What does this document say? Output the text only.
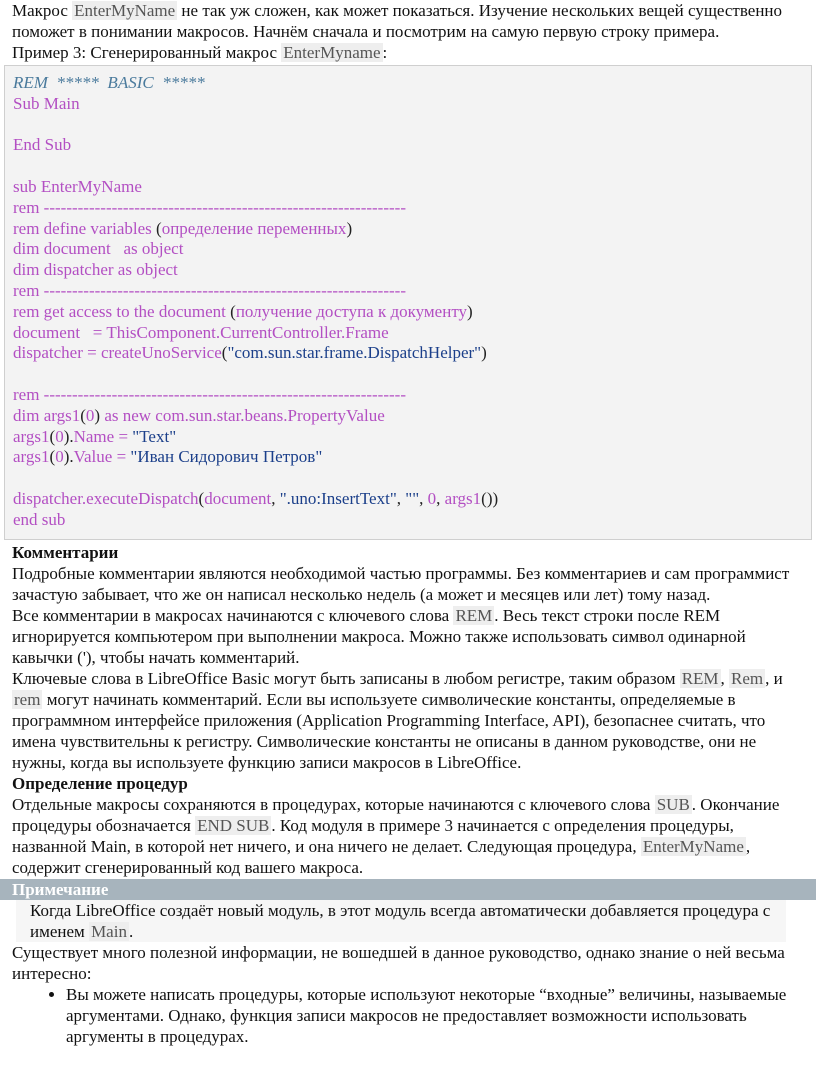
Макрос EnterMyName не так уж сложен, как может показаться. Изучение нескольких вещей существенно поможет в понимании макросов. Начнём сначала и посмотрим на самую первую строку примера.

Пример 3: Сгенерированный макрос EnterMyname :

REM  *****  BASIC  *****
Sub Main
End Sub
sub EnterMyName
rem ----------------------------------------------------------------
rem define variables (определение переменных)
dim document   as object
dim dispatcher as object
rem ----------------------------------------------------------------
rem get access to the document (получение доступа к документу)
document   = ThisComponent.CurrentController.Frame
dispatcher = createUnoService("com.sun.star.frame.DispatchHelper")
rem ----------------------------------------------------------------
dim args1(0) as new com.sun.star.beans.PropertyValue
args1(0).Name = "Text"
args1(0).Value = "Иван Сидорович Петров"
dispatcher.executeDispatch(document, ".uno:InsertText", "", 0, args1())
end sub

Комментарии

Подробные комментарии являются необходимой частью программы. Без комментариев и сам программист зачастую забывает, что же он написал несколько недель (а может и месяцев или лет) тому назад.

Все комментарии в макросах начинаются с ключевого слова REM . Весь текст строки после REM игнорируется компьютером при выполнении макроса. Можно также использовать символ одинарной кавычки ('), чтобы начать комментарий.

Ключевые слова в LibreOffice Basic могут быть записаны в любом регистре, таким образом REM , Rem , и rem могут начинать комментарий. Если вы используете символические константы, определяемые в программном интерфейсе приложения (Application Programming Interface, API), безопаснее считать, что имена чувствительны к регистру. Символические константы не описаны в данном руководстве, они не нужны, когда вы используете функцию записи макросов в LibreOffice.

Определение процедур

Отдельные макросы сохраняются в процедурах, которые начинаются с ключевого слова SUB . Окончание процедуры обозначается END SUB . Код модуля в примере 3 начинается с определения процедуры, названной Main, в которой нет ничего, и она ничего не делает. Следующая процедура, EnterMyName , содержит сгенерированный код вашего макроса.

Примечание
Когда LibreOffice создаёт новый модуль, в этот модуль всегда автоматически добавляется процедура с именем Main .

Существует много полезной информации, не вошедшей в данное руководство, однако знание о ней весьма интересно:

• Вы можете написать процедуры, которые используют некоторые “входные” величины, называемые аргументами. Однако, функция записи макросов не предоставляет возможности использовать аргументы в процедурах.
